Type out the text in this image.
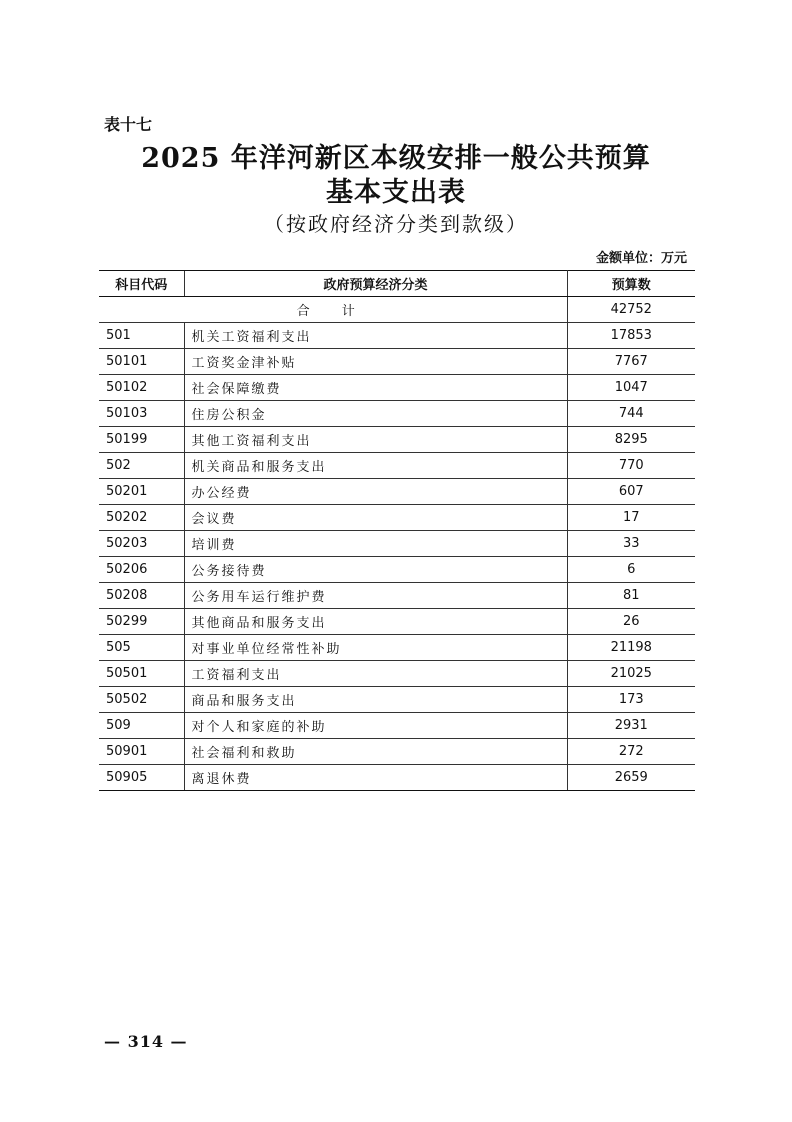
表十七
2025 年洋河新区本级安排一般公共预算
基本支出表
（按政府经济分类到款级）
金额单位：万元
科目代码	政府预算经济分类	预算数
合 计		42752
501	机关工资福利支出	17853
50101	工资奖金津补贴	7767
50102	社会保障缴费	1047
50103	住房公积金	744
50199	其他工资福利支出	8295
502	机关商品和服务支出	770
50201	办公经费	607
50202	会议费	17
50203	培训费	33
50206	公务接待费	6
50208	公务用车运行维护费	81
50299	其他商品和服务支出	26
505	对事业单位经常性补助	21198
50501	工资福利支出	21025
50502	商品和服务支出	173
509	对个人和家庭的补助	2931
50901	社会福利和救助	272
50905	离退休费	2659
— 314 —
